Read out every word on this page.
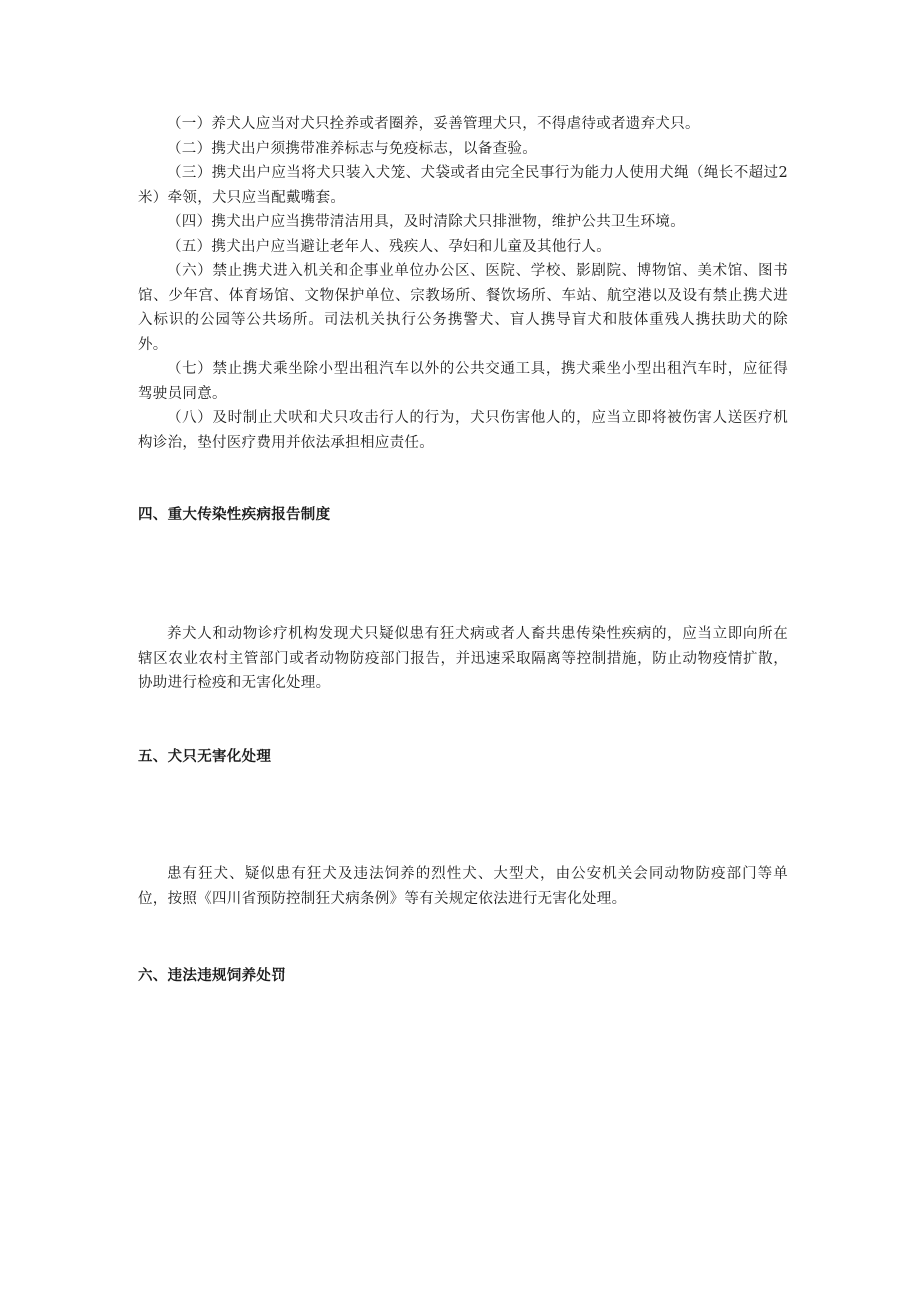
（一）养犬人应当对犬只拴养或者圈养，妥善管理犬只，不得虐待或者遗弃犬只。

（二）携犬出户须携带准养标志与免疫标志，以备查验。

（三）携犬出户应当将犬只装入犬笼、犬袋或者由完全民事行为能力人使用犬绳（绳长不超过2米）牵领，犬只应当配戴嘴套。

（四）携犬出户应当携带清洁用具，及时清除犬只排泄物，维护公共卫生环境。

（五）携犬出户应当避让老年人、残疾人、孕妇和儿童及其他行人。

（六）禁止携犬进入机关和企事业单位办公区、医院、学校、影剧院、博物馆、美术馆、图书馆、少年宫、体育场馆、文物保护单位、宗教场所、餐饮场所、车站、航空港以及设有禁止携犬进入标识的公园等公共场所。司法机关执行公务携警犬、盲人携导盲犬和肢体重残人携扶助犬的除外。

（七）禁止携犬乘坐除小型出租汽车以外的公共交通工具，携犬乘坐小型出租汽车时，应征得驾驶员同意。

（八）及时制止犬吠和犬只攻击行人的行为，犬只伤害他人的，应当立即将被伤害人送医疗机构诊治，垫付医疗费用并依法承担相应责任。

四、重大传染性疾病报告制度

养犬人和动物诊疗机构发现犬只疑似患有狂犬病或者人畜共患传染性疾病的，应当立即向所在辖区农业农村主管部门或者动物防疫部门报告，并迅速采取隔离等控制措施，防止动物疫情扩散，协助进行检疫和无害化处理。

五、犬只无害化处理

患有狂犬、疑似患有狂犬及违法饲养的烈性犬、大型犬，由公安机关会同动物防疫部门等单位，按照《四川省预防控制狂犬病条例》等有关规定依法进行无害化处理。

六、违法违规饲养处罚
